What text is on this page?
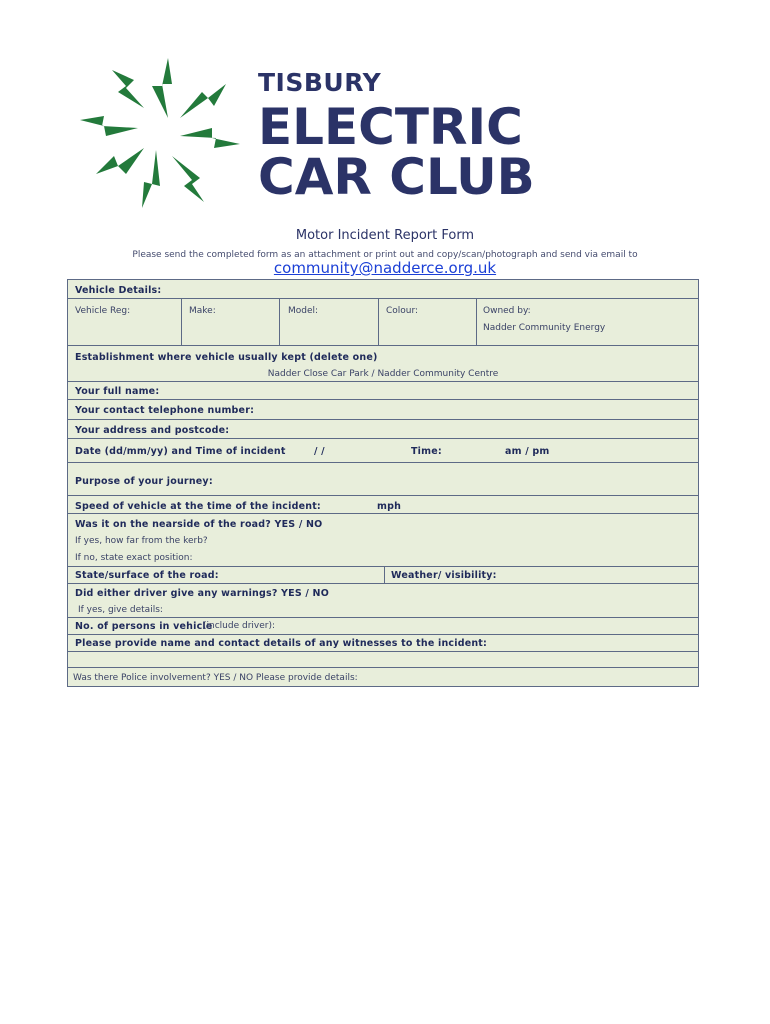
TISBURY
ELECTRIC
CAR CLUB
Motor Incident Report Form
Please send the completed form as an attachment or print out and copy/scan/photograph and send via email to
community@nadderce.org.uk
Vehicle Details:
Vehicle Reg:	Make:	Model:	Colour:	Owned by:
Nadder Community Energy
Establishment where vehicle usually kept (delete one)
Nadder Close Car Park / Nadder Community Centre
Your full name:
Your contact telephone number:
Your address and postcode:
Date (dd/mm/yy) and Time of incident	/ /	Time:	am / pm
Purpose of your journey:
Speed of vehicle at the time of the incident:	mph
Was it on the nearside of the road? YES / NO
If yes, how far from the kerb?
If no, state exact position:
State/surface of the road:	Weather/ visibility:
Did either driver give any warnings? YES / NO
If yes, give details:
No. of persons in vehicle
(include driver):
Please provide name and contact details of any witnesses to the incident:
Was there Police involvement? YES / NO Please provide details:
